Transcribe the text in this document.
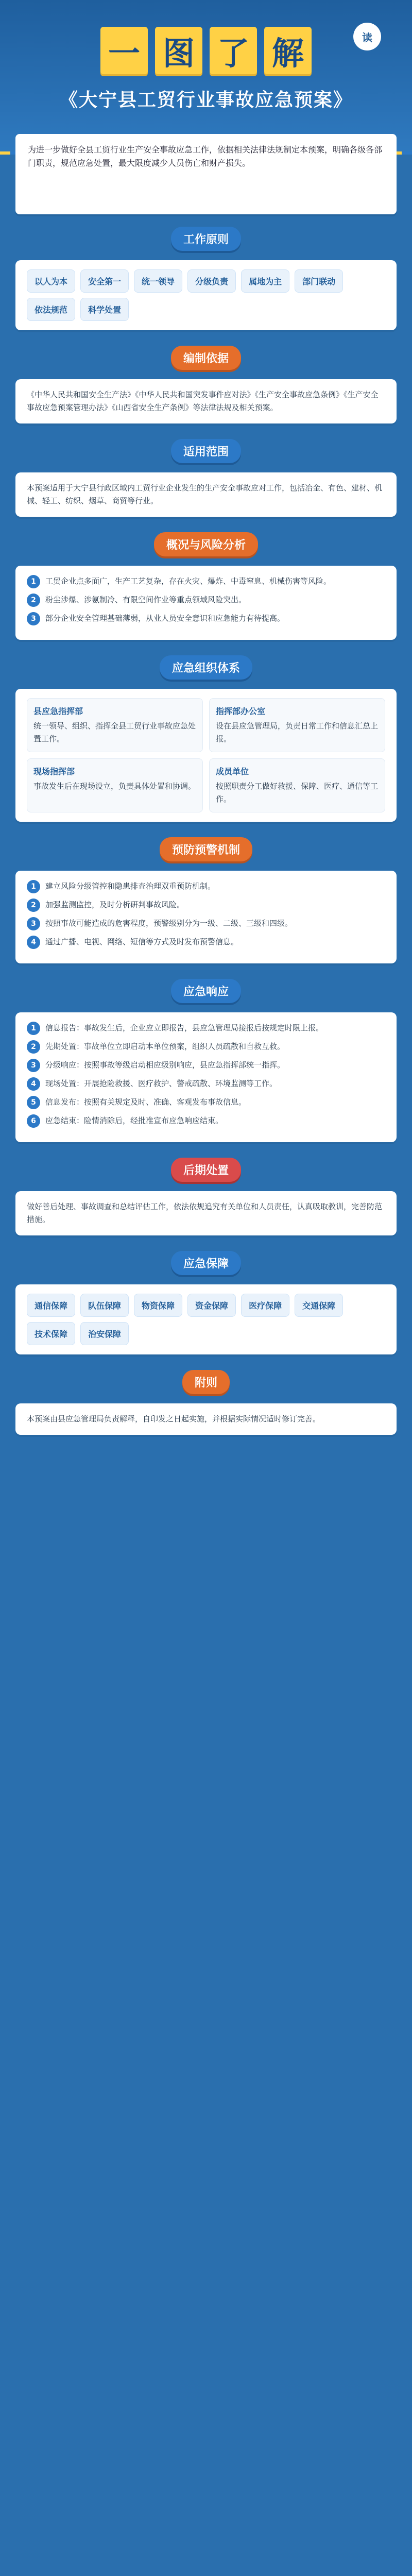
一 图 了 解	读
《大宁县工贸行业事故应急预案》
为进一步做好全县工贸行业生产安全事故应急工作，依据相关法律法规制定本预案，明确各级各部门职责，规范应急处置，最大限度减少人员伤亡和财产损失。
工作原则
以人为本	安全第一	统一领导	分级负责	属地为主	部门联动
依法规范	科学处置
编制依据
《中华人民共和国安全生产法》《中华人民共和国突发事件应对法》《生产安全事故应急条例》《生产安全事故应急预案管理办法》《山西省安全生产条例》等法律法规及相关预案。
适用范围
本预案适用于大宁县行政区域内工贸行业企业发生的生产安全事故应对工作，包括冶金、有色、建材、机械、轻工、纺织、烟草、商贸等行业。
概况与风险分析
1	工贸企业点多面广，生产工艺复杂，存在火灾、爆炸、中毒窒息、机械伤害等风险。
2	粉尘涉爆、涉氨制冷、有限空间作业等重点领域风险突出。
3	部分企业安全管理基础薄弱，从业人员安全意识和应急能力有待提高。
应急组织体系
县应急指挥部
统一领导、组织、指挥全县工贸行业事故应急处置工作。
指挥部办公室
设在县应急管理局，负责日常工作和信息汇总上报。
现场指挥部
事故发生后在现场设立，负责具体处置和协调。
成员单位
按照职责分工做好救援、保障、医疗、通信等工作。
预防预警机制
1	建立风险分级管控和隐患排查治理双重预防机制。
2	加强监测监控，及时分析研判事故风险。
3	按照事故可能造成的危害程度，预警级别分为一级、二级、三级和四级。
4	通过广播、电视、网络、短信等方式及时发布预警信息。
应急响应
1	信息报告：事故发生后，企业应立即报告，县应急管理局接报后按规定时限上报。
2	先期处置：事故单位立即启动本单位预案，组织人员疏散和自救互救。
3	分级响应：按照事故等级启动相应级别响应，县应急指挥部统一指挥。
4	现场处置：开展抢险救援、医疗救护、警戒疏散、环境监测等工作。
5	信息发布：按照有关规定及时、准确、客观发布事故信息。
6	应急结束：险情消除后，经批准宣布应急响应结束。
后期处置
做好善后处理、事故调查和总结评估工作，依法依规追究有关单位和人员责任，认真吸取教训，完善防范措施。
应急保障
通信保障	队伍保障	物资保障	资金保障	医疗保障	交通保障
技术保障	治安保障
附则
本预案由县应急管理局负责解释，自印发之日起实施，并根据实际情况适时修订完善。
